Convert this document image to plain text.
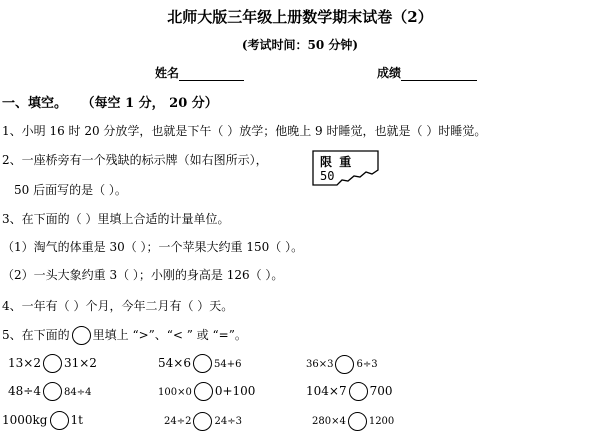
北师大版三年级上册数学期末试卷（2）
(考试时间：50 分钟)
姓名	成绩
一、填空。 （每空 1 分， 20 分）
1、小明 16 时 20 分放学，也就是下午（ ）放学；他晚上 9 时睡觉，也就是（ ）时睡觉。
2、一座桥旁有一个残缺的标示牌（如右图所示），
50 后面写的是（ ）。
限 重
50
3、在下面的（ ）里填上合适的计量单位。
（1）淘气的体重是 30（ ）；一个苹果大约重 150（ ）。
（2）一头大象约重 3（ ）；小刚的身高是 126（ ）。
4、一年有（ ）个月，今年二月有（ ）天。
5、在下面的 里填上 “>”、“< ” 或 “=”。
13×2 31×2	54×6 54+6	36×3 6÷3
48÷4 84÷4	100×0 0+100	104×7 700
1000kg 1t	24÷2 24÷3	280×4 1200
